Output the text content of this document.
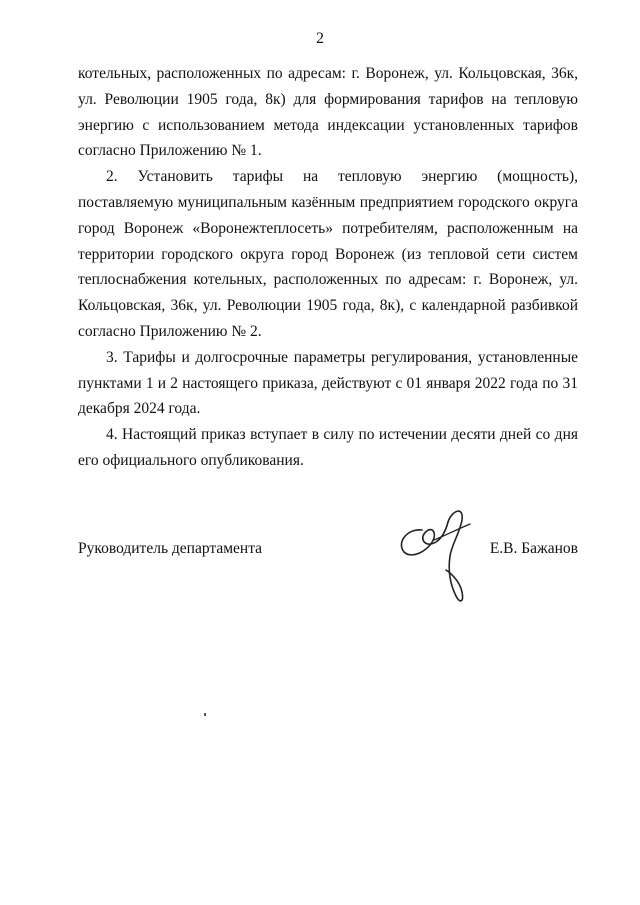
2

котельных, расположенных по адресам: г. Воронеж, ул. Кольцовская, 36к, ул. Революции 1905 года, 8к) для формирования тарифов на тепловую энергию с использованием метода индексации установленных тарифов согласно Приложению № 1.

2. Установить тарифы на тепловую энергию (мощность), поставляемую муниципальным казённым предприятием городского округа город Воронеж «Воронежтеплосеть» потребителям, расположенным на территории городского округа город Воронеж (из тепловой сети систем теплоснабжения котельных, расположенных по адресам: г. Воронеж, ул. Кольцовская, 36к, ул. Революции 1905 года, 8к), с календарной разбивкой согласно Приложению № 2.

3. Тарифы и долгосрочные параметры регулирования, установленные пунктами 1 и 2 настоящего приказа, действуют с 01 января 2022 года по 31 декабря 2024 года.

4. Настоящий приказ вступает в силу по истечении десяти дней со дня его официального опубликования.

Руководитель департамента	Е.В. Бажанов
